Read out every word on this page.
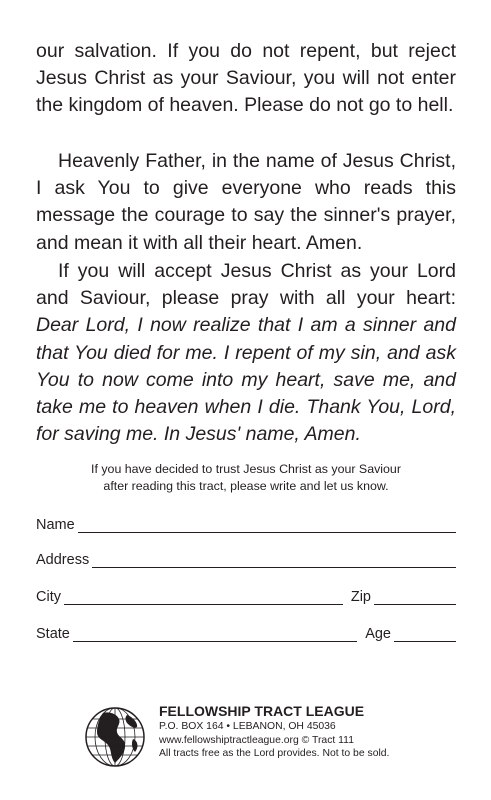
our salvation. If you do not repent, but reject Jesus Christ as your Saviour, you will not enter the kingdom of heaven. Please do not go to hell.

Heavenly Father, in the name of Jesus Christ, I ask You to give everyone who reads this message the courage to say the sinner's prayer, and mean it with all their heart. Amen.

If you will accept Jesus Christ as your Lord and Saviour, please pray with all your heart: Dear Lord, I now realize that I am a sinner and that You died for me. I repent of my sin, and ask You to now come into my heart, save me, and take me to heaven when I die. Thank You, Lord, for saving me. In Jesus' name, Amen.

If you have decided to trust Jesus Christ as your Saviour
after reading this tract, please write and let us know.

Name
Address
City	Zip
State	Age

FELLOWSHIP TRACT LEAGUE

P.O. BOX 164 • LEBANON, OH 45036

www.fellowshiptractleague.org © Tract 111

All tracts free as the Lord provides. Not to be sold.
